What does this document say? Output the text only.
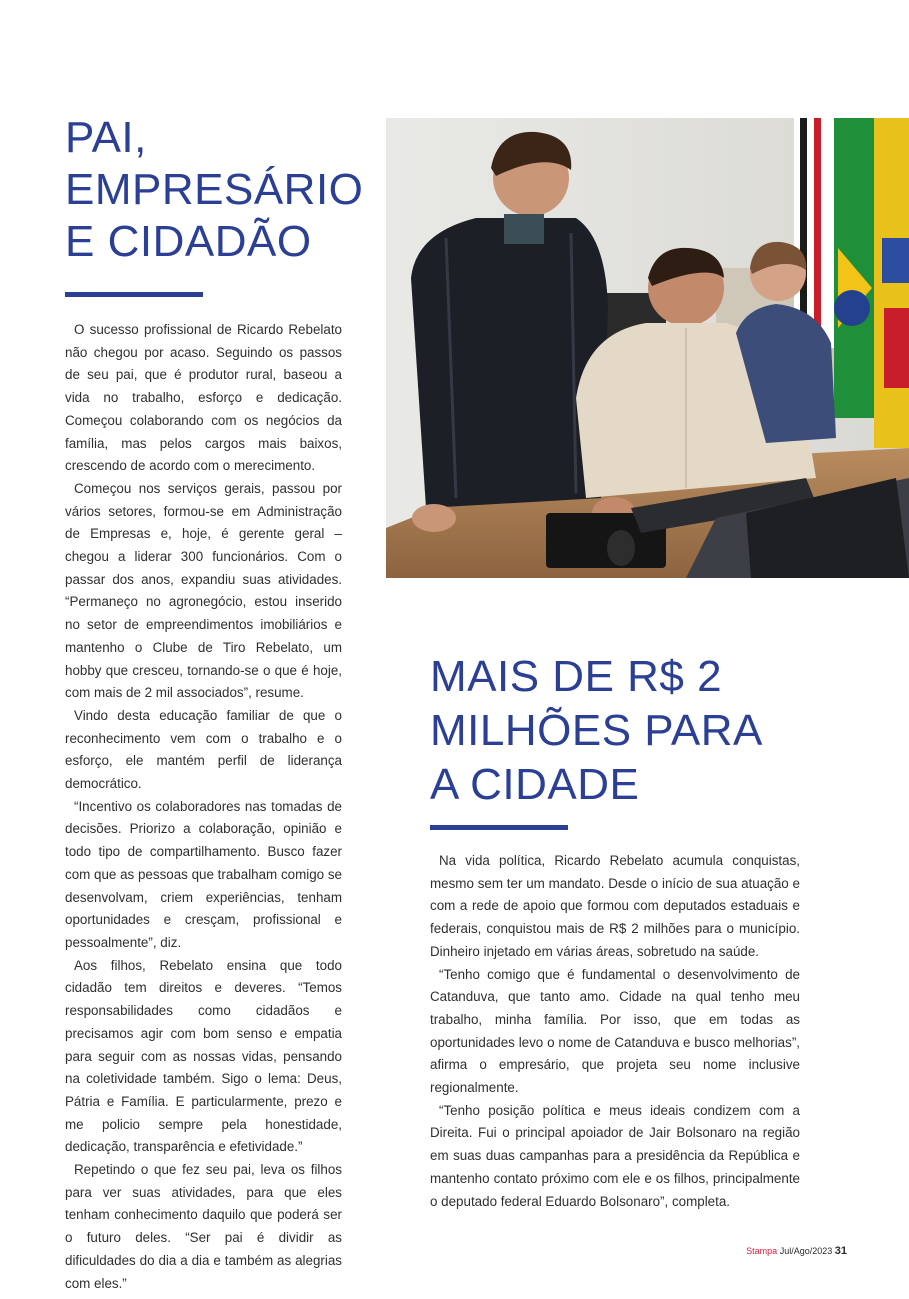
PAI,
EMPRESÁRIO
E CIDADÃO

O sucesso profissional de Ricardo Rebelato não chegou por acaso. Seguindo os passos de seu pai, que é produtor rural, baseou a vida no trabalho, esforço e dedicação. Começou colaborando com os negócios da família, mas pelos cargos mais baixos, crescendo de acordo com o merecimento.

Começou nos serviços gerais, passou por vários setores, formou-se em Administração de Empresas e, hoje, é gerente geral – chegou a liderar 300 funcionários. Com o passar dos anos, expandiu suas atividades. “Permaneço no agronegócio, estou inserido no setor de empreendimentos imobiliários e mantenho o Clube de Tiro Rebelato, um hobby que cresceu, tornando-se o que é hoje, com mais de 2 mil associados”, resume.

Vindo desta educação familiar de que o reconhecimento vem com o trabalho e o esforço, ele mantém perfil de liderança democrático.

“Incentivo os colaboradores nas tomadas de decisões. Priorizo a colaboração, opinião e todo tipo de compartilhamento. Busco fazer com que as pessoas que trabalham comigo se desenvolvam, criem experiências, tenham oportunidades e cresçam, profissional e pessoalmente”, diz.

Aos filhos, Rebelato ensina que todo cidadão tem direitos e deveres. “Temos responsabilidades como cidadãos e precisamos agir com bom senso e empatia para seguir com as nossas vidas, pensando na coletividade também. Sigo o lema: Deus, Pátria e Família. E particularmente, prezo e me policio sempre pela honestidade, dedicação, transparência e efetividade.”

Repetindo o que fez seu pai, leva os filhos para ver suas atividades, para que eles tenham conhecimento daquilo que poderá ser o futuro deles. “Ser pai é dividir as dificuldades do dia a dia e também as alegrias com eles.”

MAIS DE R$ 2
MILHÕES PARA
A CIDADE

Na vida política, Ricardo Rebelato acumula conquistas, mesmo sem ter um mandato. Desde o início de sua atuação e com a rede de apoio que formou com deputados estaduais e federais, conquistou mais de R$ 2 milhões para o município. Dinheiro injetado em várias áreas, sobretudo na saúde.

“Tenho comigo que é fundamental o desenvolvimento de Catanduva, que tanto amo. Cidade na qual tenho meu trabalho, minha família. Por isso, que em todas as oportunidades levo o nome de Catanduva e busco melhorias”, afirma o empresário, que projeta seu nome inclusive regionalmente.

“Tenho posição política e meus ideais condizem com a Direita. Fui o principal apoiador de Jair Bolsonaro na região em suas duas campanhas para a presidência da República e mantenho contato próximo com ele e os filhos, principalmente o deputado federal Eduardo Bolsonaro”, completa.

Stampa Jul/Ago/2023 31
